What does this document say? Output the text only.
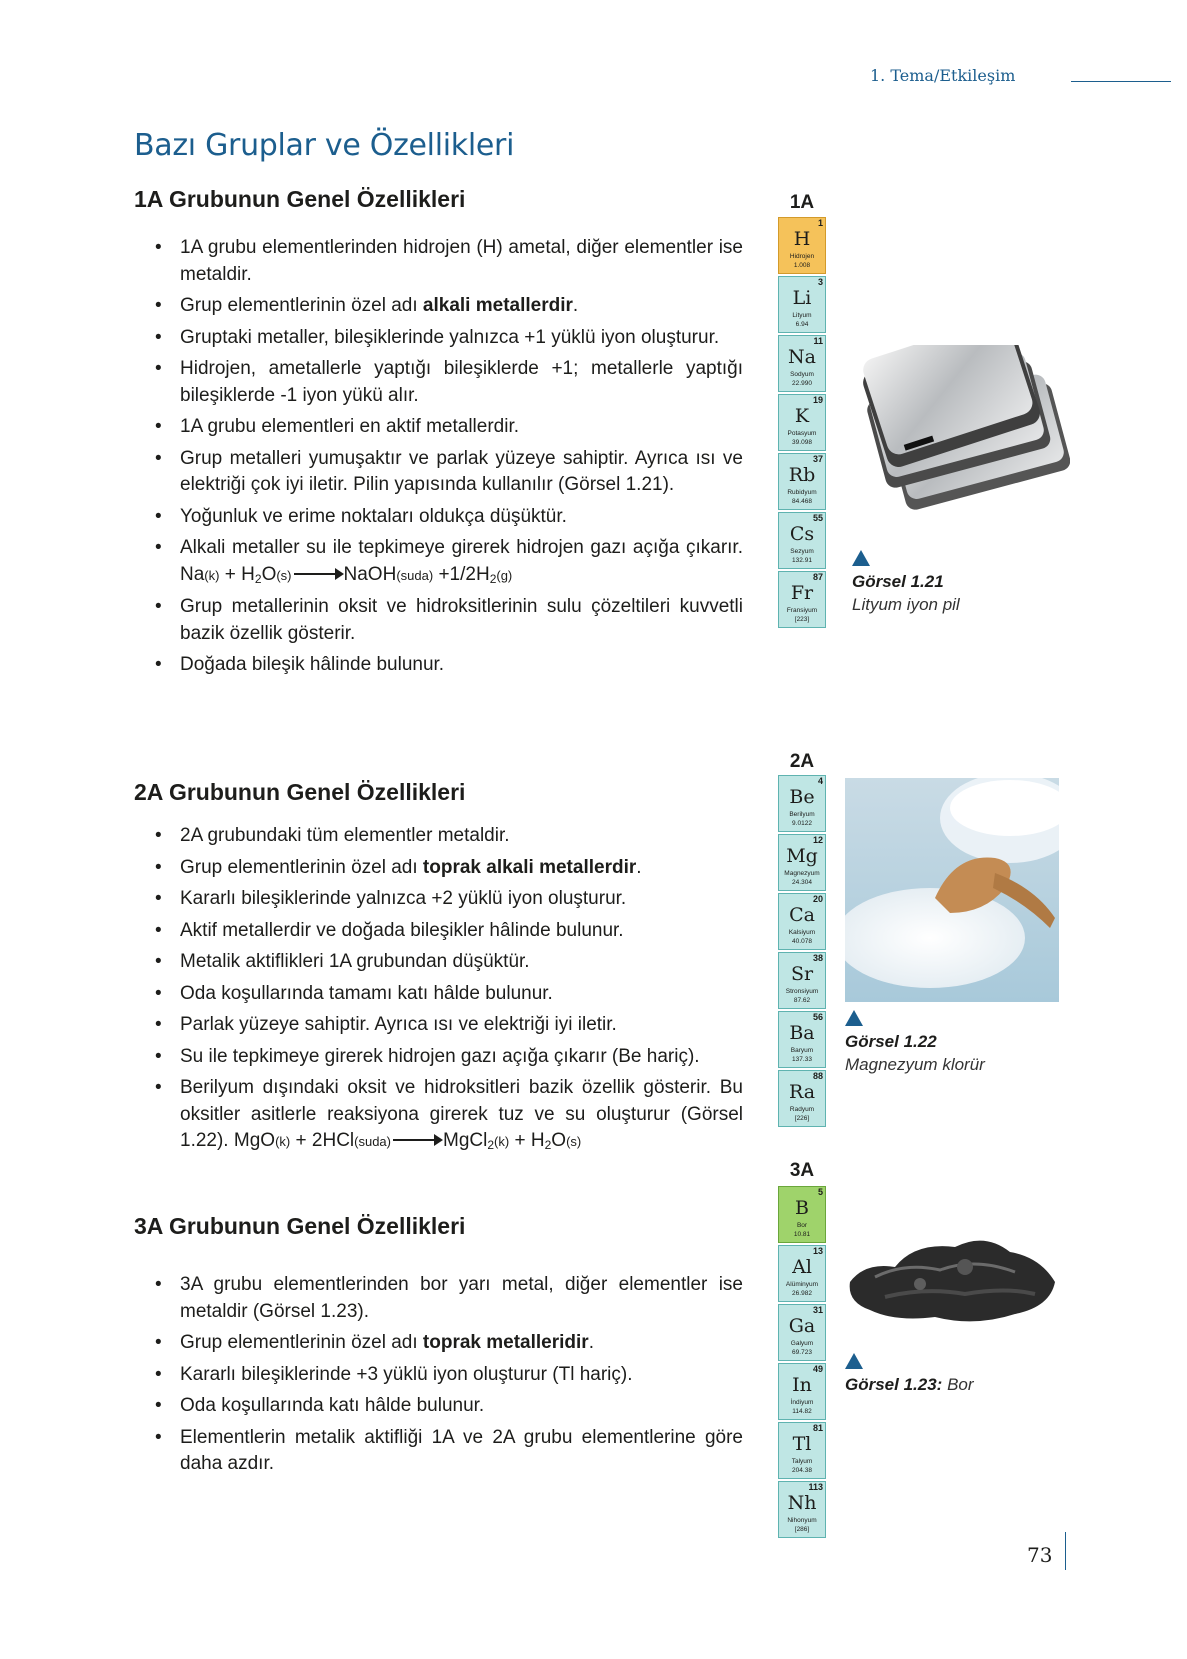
1. Tema/Etkileşim
Bazı Gruplar ve Özellikleri
1A Grubunun Genel Özellikleri
• 1A grubu elementlerinden hidrojen (H) ametal, diğer elementler ise metaldir.
• Grup elementlerinin özel adı alkali metallerdir.
• Gruptaki metaller, bileşiklerinde yalnızca +1 yüklü iyon oluşturur.
• Hidrojen, ametallerle yaptığı bileşiklerde +1; metallerle yaptığı bileşiklerde -1 iyon yükü alır.
• 1A grubu elementleri en aktif metallerdir.
• Grup metalleri yumuşaktır ve parlak yüzeye sahiptir. Ayrıca ısı ve elektriği çok iyi iletir. Pilin yapısında kullanılır (Görsel 1.21).
• Yoğunluk ve erime noktaları oldukça düşüktür.
• Alkali metaller su ile tepkimeye girerek hidrojen gazı açığa çıkarır. $Na(k) + H_2O(s)$ → NaOH(suda) $+1/2H_2(g)$
• Grup metallerinin oksit ve hidroksitlerinin sulu çözeltileri kuvvetli bazik özellik gösterir.
• Doğada bileşik hâlinde bulunur.
2A Grubunun Genel Özellikleri
• 2A grubundaki tüm elementler metaldir.
• Grup elementlerinin özel adı toprak alkali metallerdir.
• Kararlı bileşiklerinde yalnızca +2 yüklü iyon oluşturur.
• Aktif metallerdir ve doğada bileşikler hâlinde bulunur.
• Metalik aktiflikleri 1A grubundan düşüktür.
• Oda koşullarında tamamı katı hâlde bulunur.
• Parlak yüzeye sahiptir. Ayrıca ısı ve elektriği iyi iletir.
• Su ile tepkimeye girerek hidrojen gazı açığa çıkarır (Be hariç).
• Berilyum dışındaki oksit ve hidroksitleri bazik özellik gösterir. Bu oksitler asitlerle reaksiyona girerek tuz ve su oluşturur (Görsel 1.22). MgO(k) + 2HCl(suda) → MgCl$_2$(k) + $H_2O(s)$
3A Grubunun Genel Özellikleri
• 3A grubu elementlerinden bor yarı metal, diğer elementler ise metaldir (Görsel 1.23).
• Grup elementlerinin özel adı toprak metalleridir.
• Kararlı bileşiklerinde +3 yüklü iyon oluşturur (Tl hariç).
• Oda koşullarında katı hâlde bulunur.
• Elementlerin metalik aktifliği 1A ve 2A grubu elementlerine göre daha azdır.
1A
1
H
Hidrojen
1.008
3
Li
Lityum
6.94
11
Na
Sodyum
22.990
19
K
Potasyum
39.098
37
Rb
Rubidyum
84.468
55
Cs
Sezyum
132.91
87
Fr
Fransiyum
[223]
2A
4
Be
Berilyum
9.0122
12
Mg
Magnezyum
24.304
20
Ca
Kalsiyum
40.078
38
Sr
Stronsiyum
87.62
56
Ba
Baryum
137.33
88
Ra
Radyum
[226]
3A
5
B
Bor
10.81
13
Al
Alüminyum
26.982
31
Ga
Galyum
69.723
49
In
İndiyum
114.82
81
Tl
Talyum
204.38
113
Nh
Nihonyum
[286]
Görsel 1.21
Lityum iyon pil
Görsel 1.22
Magnezyum klorür
Görsel 1.23: Bor
73
